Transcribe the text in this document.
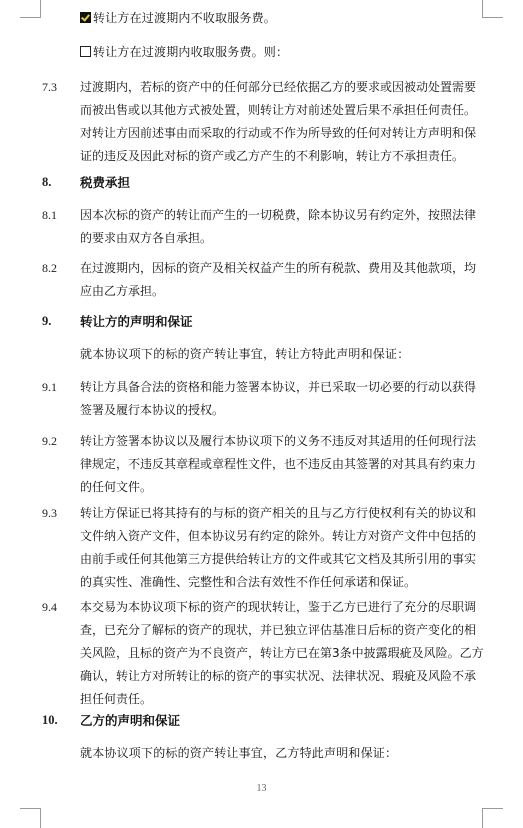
转让方在过渡期内不收取服务费。
转让方在过渡期内收取服务费。则：
7.3 过渡期内，若标的资产中的任何部分已经依据乙方的要求或因被动处置需要
而被出售或以其他方式被处置，则转让方对前述处置后果不承担任何责任。
对转让方因前述事由而采取的行动或不作为所导致的任何对转让方声明和保
证的违反及因此对标的资产或乙方产生的不利影响，转让方不承担责任。
8. 税费承担
8.1 因本次标的资产的转让而产生的一切税费，除本协议另有约定外，按照法律
的要求由双方各自承担。
8.2 在过渡期内，因标的资产及相关权益产生的所有税款、费用及其他款项，均
应由乙方承担。
9. 转让方的声明和保证
就本协议项下的标的资产转让事宜，转让方特此声明和保证：
9.1 转让方具备合法的资格和能力签署本协议，并已采取一切必要的行动以获得
签署及履行本协议的授权。
9.2 转让方签署本协议以及履行本协议项下的义务不违反对其适用的任何现行法
律规定，不违反其章程或章程性文件，也不违反由其签署的对其具有约束力
的任何文件。
9.3 转让方保证已将其持有的与标的资产相关的且与乙方行使权利有关的协议和
文件纳入资产文件，但本协议另有约定的除外。转让方对资产文件中包括的
由前手或任何其他第三方提供给转让方的文件或其它文档及其所引用的事实
的真实性、准确性、完整性和合法有效性不作任何承诺和保证。
9.4 本交易为本协议项下标的资产的现状转让，鉴于乙方已进行了充分的尽职调
查，已充分了解标的资产的现状，并已独立评估基准日后标的资产变化的相
关风险，且标的资产为不良资产，转让方已在第3条中披露瑕疵及风险。乙方
确认，转让方对所转让的标的资产的事实状况、法律状况、瑕疵及风险不承
担任何责任。
10. 乙方的声明和保证
就本协议项下的标的资产转让事宜，乙方特此声明和保证：
13
